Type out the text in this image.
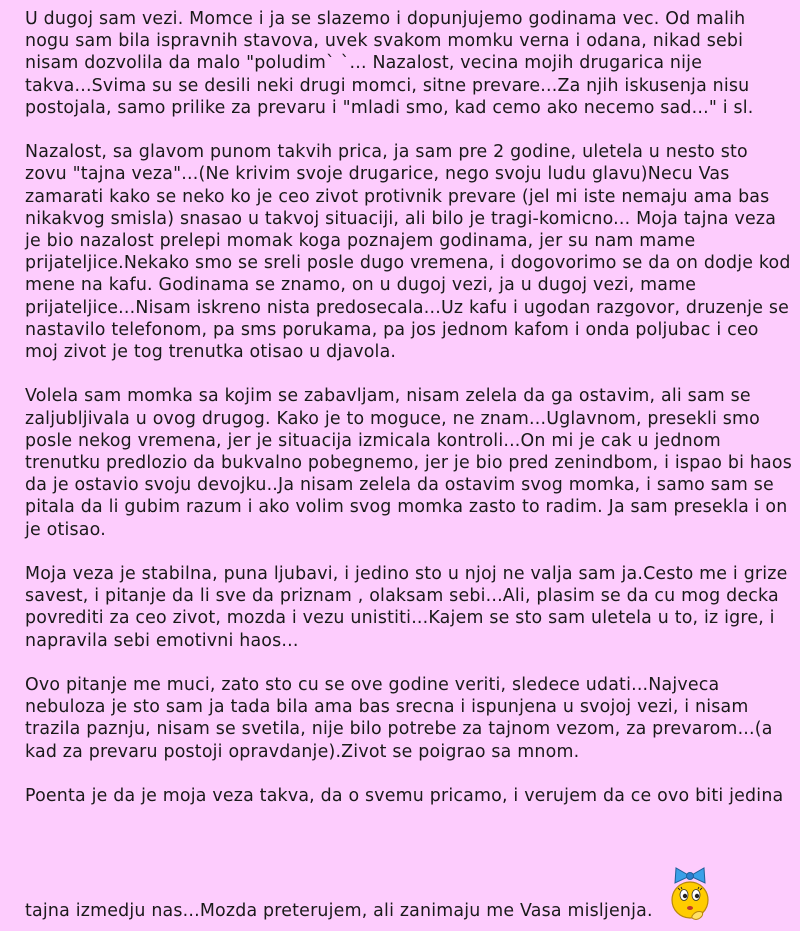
U dugoj sam vezi. Momce i ja se slazemo i dopunjujemo godinama vec. Od malih nogu sam bila ispravnih stavova, uvek svakom momku verna i odana, nikad sebi nisam dozvolila da malo "poludim` `... Nazalost, vecina mojih drugarica nije takva...Svima su se desili neki drugi momci, sitne prevare...Za njih iskusenja nisu postojala, samo prilike za prevaru i "mladi smo, kad cemo ako necemo sad..." i sl.

Nazalost, sa glavom punom takvih prica, ja sam pre 2 godine, uletela u nesto sto zovu "tajna veza"...(Ne krivim svoje drugarice, nego svoju ludu glavu)Necu Vas zamarati kako se neko ko je ceo zivot protivnik prevare (jel mi iste nemaju ama bas nikakvog smisla) snasao u takvoj situaciji, ali bilo je tragi-komicno... Moja tajna veza je bio nazalost prelepi momak koga poznajem godinama, jer su nam mame prijateljice.Nekako smo se sreli posle dugo vremena, i dogovorimo se da on dodje kod mene na kafu. Godinama se znamo, on u dugoj vezi, ja u dugoj vezi, mame prijateljice...Nisam iskreno nista predosecala...Uz kafu i ugodan razgovor, druzenje se nastavilo telefonom, pa sms porukama, pa jos jednom kafom i onda poljubac i ceo moj zivot je tog trenutka otisao u djavola.

Volela sam momka sa kojim se zabavljam, nisam zelela da ga ostavim, ali sam se zaljubljivala u ovog drugog. Kako je to moguce, ne znam...Uglavnom, presekli smo posle nekog vremena, jer je situacija izmicala kontroli...On mi je cak u jednom trenutku predlozio da bukvalno pobegnemo, jer je bio pred zenindbom, i ispao bi haos da je ostavio svoju devojku..Ja nisam zelela da ostavim svog momka, i samo sam se pitala da li gubim razum i ako volim svog momka zasto to radim. Ja sam presekla i on je otisao.

Moja veza je stabilna, puna ljubavi, i jedino sto u njoj ne valja sam ja.Cesto me i grize savest, i pitanje da li sve da priznam , olaksam sebi...Ali, plasim se da cu mog decka povrediti za ceo zivot, mozda i vezu unistiti...Kajem se sto sam uletela u to, iz igre, i napravila sebi emotivni haos...

Ovo pitanje me muci, zato sto cu se ove godine veriti, sledece udati...Najveca nebuloza je sto sam ja tada bila ama bas srecna i ispunjena u svojoj vezi, i nisam trazila paznju, nisam se svetila, nije bilo potrebe za tajnom vezom, za prevarom...(a kad za prevaru postoji opravdanje).Zivot se poigrao sa mnom.

Poenta je da je moja veza takva, da o svemu pricamo, i verujem da ce ovo biti jedina

tajna izmedju nas...Mozda preterujem, ali zanimaju me Vasa misljenja.
